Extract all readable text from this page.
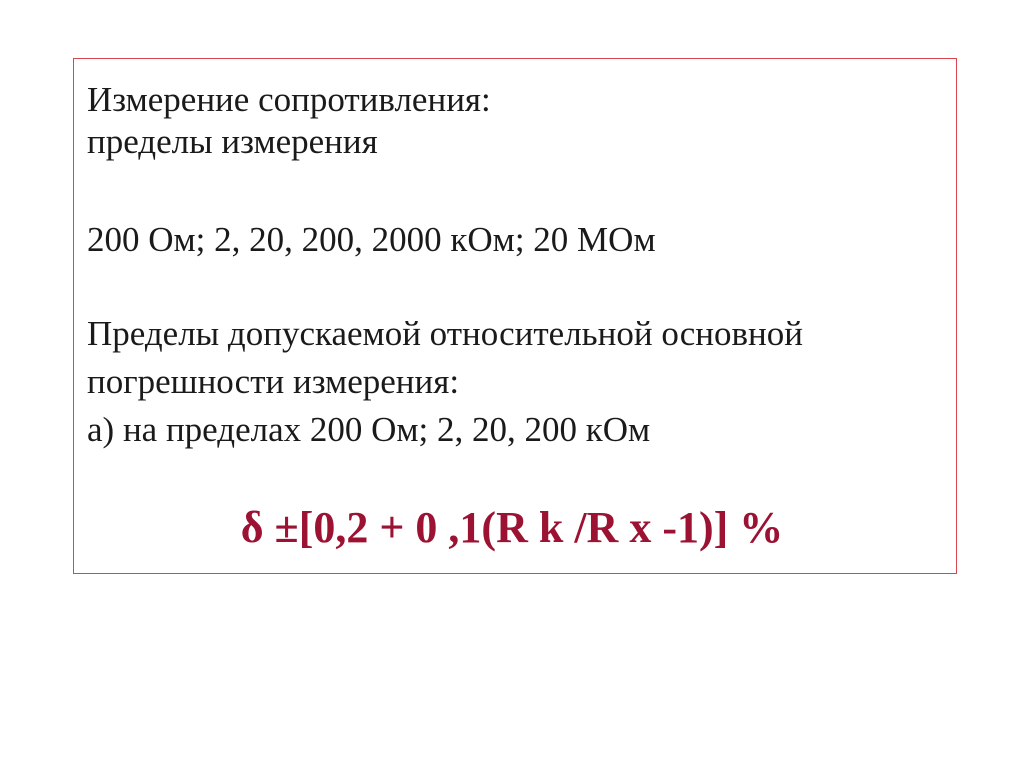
Измерение сопротивления:
пределы измерения
200 Ом; 2, 20, 200, 2000 кОм; 20 МОм
Пределы допускаемой относительной основной
погрешности измерения:
а) на пределах 200 Ом; 2, 20, 200 кОм
δ ±[0,2 + 0 ,1(R k /R x -1)] %
